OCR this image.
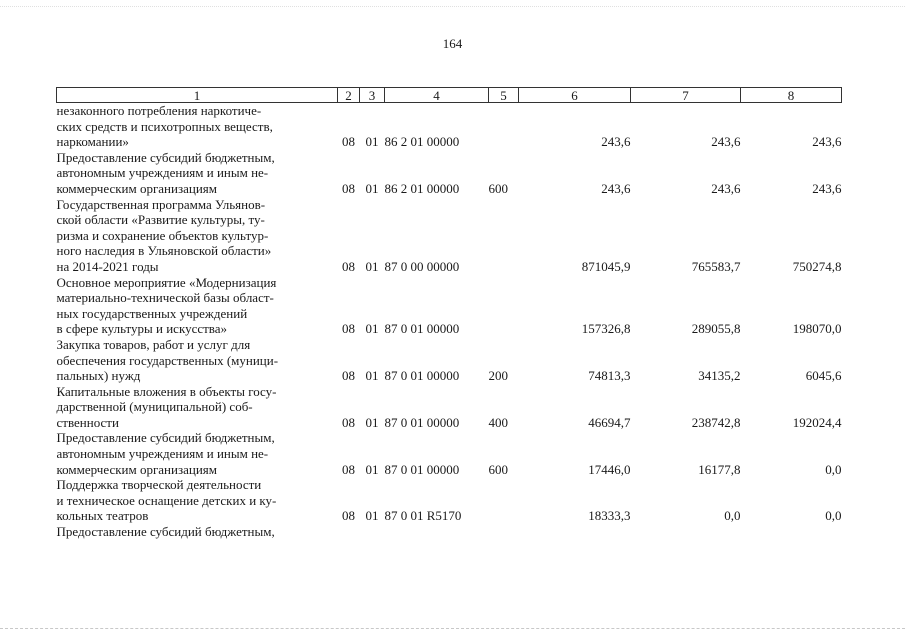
164
1	2	3	4	5	6	7	8

незаконного потребления наркотиче-
ских средств и психотропных веществ,
наркомании»	08	01	86 2 01 00000		243,6	243,6	243,6

Предоставление субсидий бюджетным,
автономным учреждениям и иным не-
коммерческим организациям	08	01	86 2 01 00000	600	243,6	243,6	243,6

Государственная программа Ульянов-
ской области «Развитие культуры, ту-
ризма и сохранение объектов культур-
ного наследия в Ульяновской области»
на 2014-2021 годы	08	01	87 0 00 00000		871045,9	765583,7	750274,8

Основное мероприятие «Модернизация
материально-технической базы област-
ных государственных учреждений
в сфере культуры и искусства»	08	01	87 0 01 00000		157326,8	289055,8	198070,0

Закупка товаров, работ и услуг для
обеспечения государственных (муници-
пальных) нужд	08	01	87 0 01 00000	200	74813,3	34135,2	6045,6

Капитальные вложения в объекты госу-
дарственной (муниципальной) соб-
ственности	08	01	87 0 01 00000	400	46694,7	238742,8	192024,4

Предоставление субсидий бюджетным,
автономным учреждениям и иным не-
коммерческим организациям	08	01	87 0 01 00000	600	17446,0	16177,8	0,0

Поддержка творческой деятельности
и техническое оснащение детских и ку-
кольных театров	08	01	87 0 01 R5170		18333,3	0,0	0,0

Предоставление субсидий бюджетным,							
